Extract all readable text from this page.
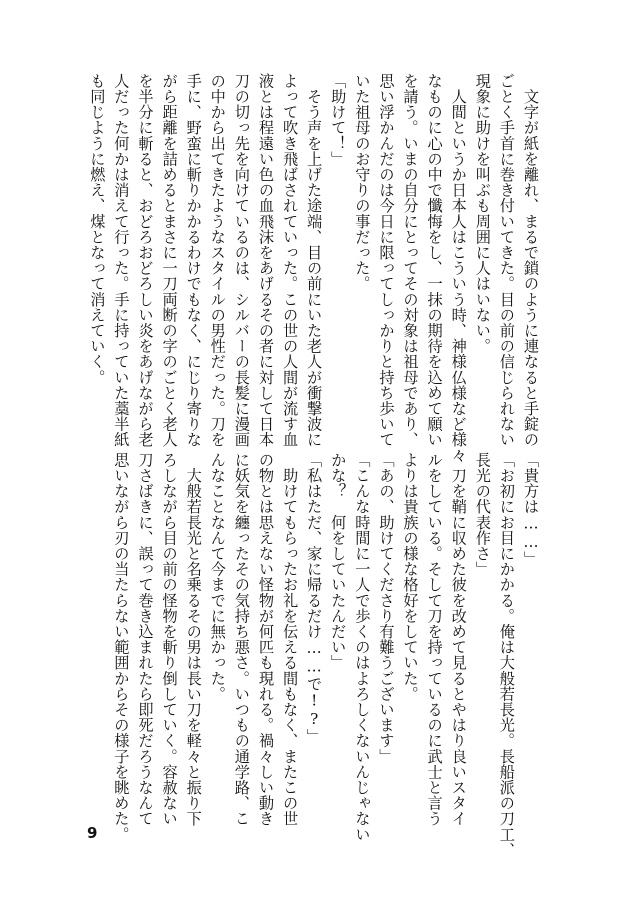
　文字が紙を離れ、まるで鎖のように連なると手錠の
ごとく手首に巻き付いてきた。目の前の信じられない
現象に助けを叫ぶも周囲に人はいない。
　人間というか日本人はこういう時、神様仏様など様々
なものに心の中で懺悔をし、一抹の期待を込めて願い
を請う。いまの自分にとってその対象は祖母であり、
思い浮かんだのは今日に限ってしっかりと持ち歩いて
いた祖母のお守りの事だった。
「助けて！」
　そう声を上げた途端、目の前にいた老人が衝撃波に
よって吹き飛ばされていった。この世の人間が流す血
液とは程遠い色の血飛沫をあげるその者に対して日本
刀の切っ先を向けているのは、シルバーの長髪に漫画
の中から出てきたようなスタイルの男性だった。刀を
手に、野蛮に斬りかかるわけでもなく、にじり寄りな
がら距離を詰めるとまさに一刀両断の字のごとく老人
を半分に斬ると、おどろおどろしい炎をあげながら老
人だった何かは消えて行った。手に持っていた藁半紙
も同じように燃え、煤となって消えていく。
「貴方は……」
「お初にお目にかかる。俺は大般若長光。長船派の刀工、
長光の代表作さ」
　刀を鞘に収めた彼を改めて見るとやはり良いスタイ
ルをしている。そして刀を持っているのに武士と言う
よりは貴族の様な格好をしていた。
「あの、助けてくださり有難うございます」
「こんな時間に一人で歩くのはよろしくないんじゃない
かな？　何をしていたんだい」
「私はただ、家に帰るだけ……で!?」
　助けてもらったお礼を伝える間もなく、またこの世
の物とは思えない怪物が何匹も現れる。禍々しい動き
に妖気を纏ったその気持ち悪さ。いつもの通学路、こ
んなことなんて今までに無かった。
　大般若長光と名乗るその男は長い刀を軽々と振り下
ろしながら目の前の怪物を斬り倒していく。容赦ない
刀さばきに、誤って巻き込まれたら即死だろうなんて
思いながら刃の当たらない範囲からその様子を眺めた。
9
